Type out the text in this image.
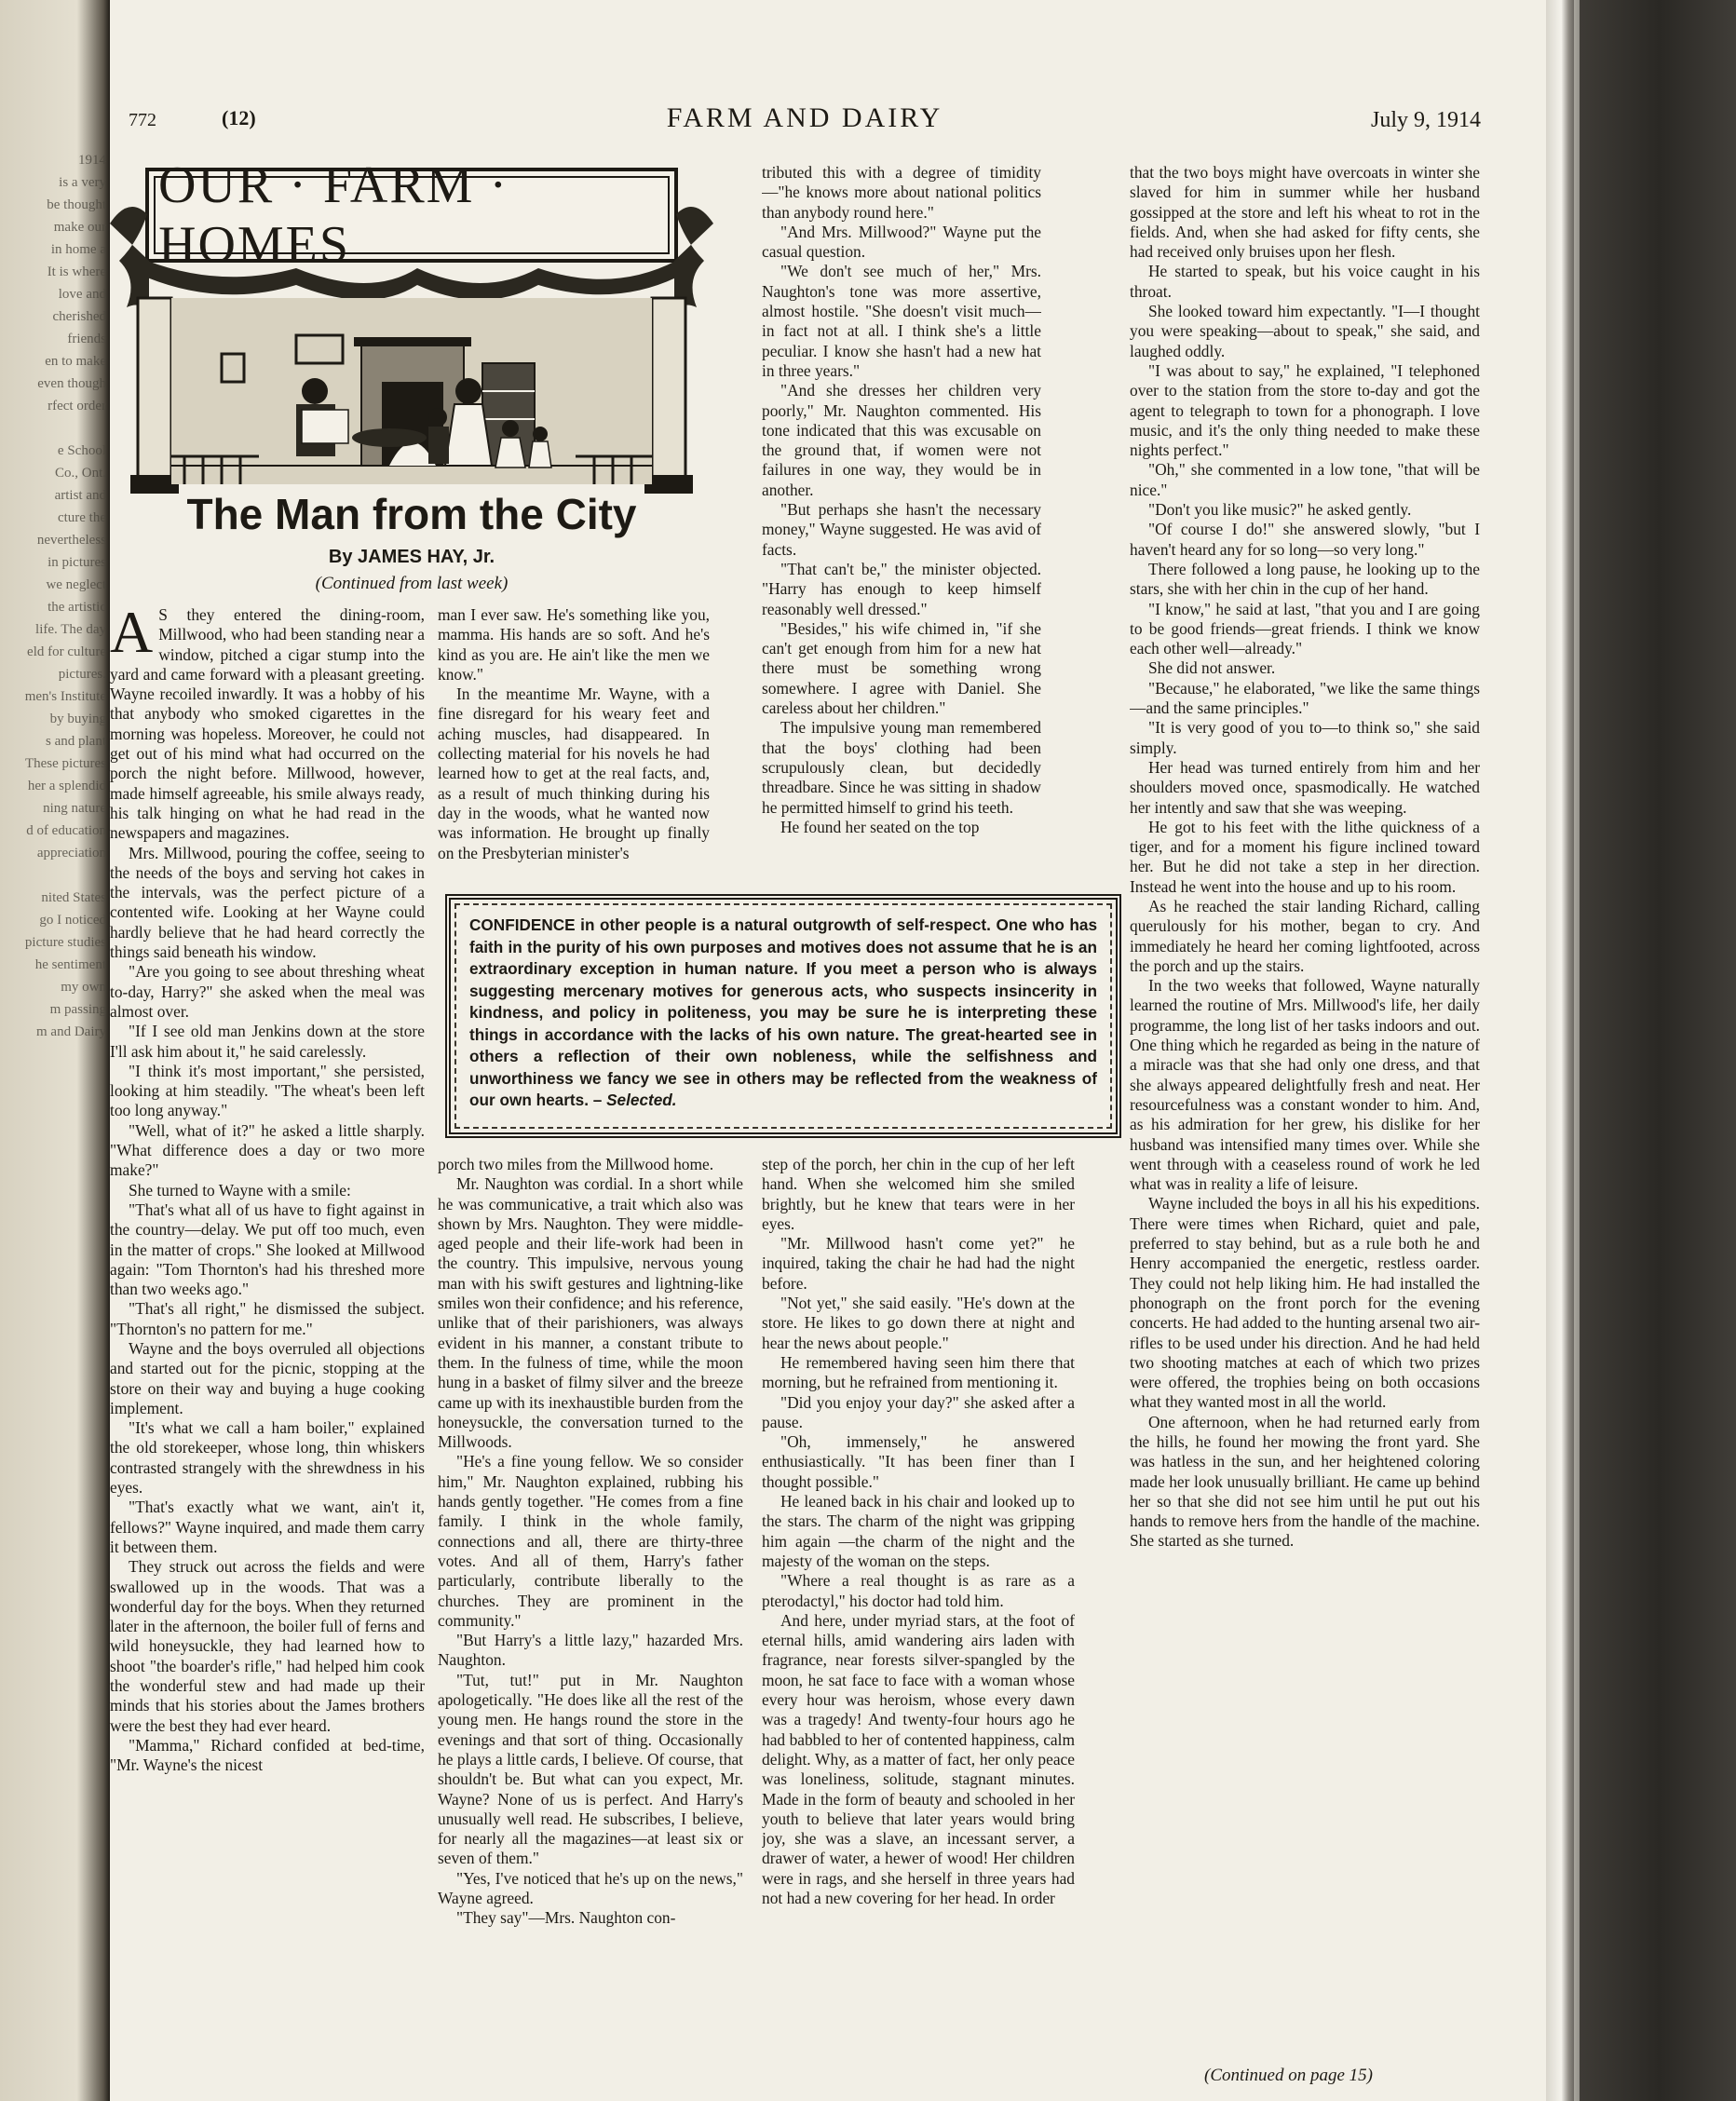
1914
is a very
be thought
make our
in home a
It is where
love and
cherished
friends
en to make
even though
rfect order

e School
Co., Ont.
artist and
cture the
nevertheless
in pictures
we neglect
the artistic
life. The day
eld for culture
pictures.
men's Institute
by buying
s and plant
These pictures
her a splendid
ning nature
d of education
appreciation

nited States
go I noticed
picture studies
he sentiment
my own
m passing
m and Dairy
772	(12)	FARM AND DAIRY	July 9, 1914
OUR · FARM · HOMES
The Man from the City
By JAMES HAY, Jr.
(Continued from last week)

A S they entered the dining-room, Millwood, who had been standing near a window, pitched a cigar stump into the yard and came forward with a pleasant greeting. Wayne recoiled inwardly. It was a hobby of his that anybody who smoked cigarettes in the morning was hopeless. Moreover, he could not get out of his mind what had occurred on the porch the night before. Millwood, however, made himself agreeable, his smile always ready, his talk hinging on what he had read in the newspapers and magazines.

Mrs. Millwood, pouring the coffee, seeing to the needs of the boys and serving hot cakes in the intervals, was the perfect picture of a contented wife. Looking at her Wayne could hardly believe that he had heard correctly the things said beneath his window.

"Are you going to see about threshing wheat to-day, Harry?" she asked when the meal was almost over.

"If I see old man Jenkins down at the store I'll ask him about it," he said carelessly.

"I think it's most important," she persisted, looking at him steadily. "The wheat's been left too long anyway."

"Well, what of it?" he asked a little sharply. "What difference does a day or two more make?"

She turned to Wayne with a smile:

"That's what all of us have to fight against in the country—delay. We put off too much, even in the matter of crops." She looked at Millwood again: "Tom Thornton's had his threshed more than two weeks ago."

"That's all right," he dismissed the subject. "Thornton's no pattern for me."

Wayne and the boys overruled all objections and started out for the picnic, stopping at the store on their way and buying a huge cooking implement.

"It's what we call a ham boiler," explained the old storekeeper, whose long, thin whiskers contrasted strangely with the shrewdness in his eyes.

"That's exactly what we want, ain't it, fellows?" Wayne inquired, and made them carry it between them.

They struck out across the fields and were swallowed up in the woods. That was a wonderful day for the boys. When they returned later in the afternoon, the boiler full of ferns and wild honeysuckle, they had learned how to shoot "the boarder's rifle," had helped him cook the wonderful stew and had made up their minds that his stories about the James brothers were the best they had ever heard.

"Mamma," Richard confided at bed-time, "Mr. Wayne's the nicest

man I ever saw. He's something like you, mamma. His hands are so soft. And he's kind as you are. He ain't like the men we know."

In the meantime Mr. Wayne, with a fine disregard for his weary feet and aching muscles, had disappeared. In collecting material for his novels he had learned how to get at the real facts, and, as a result of much thinking during his day in the woods, what he wanted now was information. He brought up finally on the Presbyterian minister's

tributed this with a degree of timidity—"he knows more about national politics than anybody round here."

"And Mrs. Millwood?" Wayne put the casual question.

"We don't see much of her," Mrs. Naughton's tone was more assertive, almost hostile. "She doesn't visit much—in fact not at all. I think she's a little peculiar. I know she hasn't had a new hat in three years."

"And she dresses her children very poorly," Mr. Naughton commented. His tone indicated that this was excusable on the ground that, if women were not failures in one way, they would be in another.

"But perhaps she hasn't the necessary money," Wayne suggested. He was avid of facts.

"That can't be," the minister objected. "Harry has enough to keep himself reasonably well dressed."

"Besides," his wife chimed in, "if she can't get enough from him for a new hat there must be something wrong somewhere. I agree with Daniel. She careless about her children."

The impulsive young man remembered that the boys' clothing had been scrupulously clean, but decidedly threadbare. Since he was sitting in shadow he permitted himself to grind his teeth.

He found her seated on the top

CONFIDENCE in other people is a natural outgrowth of self-respect. One who has faith in the purity of his own purposes and motives does not assume that he is an extraordinary exception in human nature. If you meet a person who is always suggesting mercenary motives for generous acts, who suspects insincerity in kindness, and policy in politeness, you may be sure he is interpreting these things in accordance with the lacks of his own nature. The great-hearted see in others a reflection of their own nobleness, while the selfishness and unworthiness we fancy we see in others may be reflected from the weakness of our own hearts. – Selected.

porch two miles from the Millwood home.

Mr. Naughton was cordial. In a short while he was communicative, a trait which also was shown by Mrs. Naughton. They were middle-aged people and their life-work had been in the country. This impulsive, nervous young man with his swift gestures and lightning-like smiles won their confidence; and his reference, unlike that of their parishioners, was always evident in his manner, a constant tribute to them. In the fulness of time, while the moon hung in a basket of filmy silver and the breeze came up with its inexhaustible burden from the honeysuckle, the conversation turned to the Millwoods.

"He's a fine young fellow. We so consider him," Mr. Naughton explained, rubbing his hands gently together. "He comes from a fine family. I think in the whole family, connections and all, there are thirty-three votes. And all of them, Harry's father particularly, contribute liberally to the churches. They are prominent in the community."

"But Harry's a little lazy," hazarded Mrs. Naughton.

"Tut, tut!" put in Mr. Naughton apologetically. "He does like all the rest of the young men. He hangs round the store in the evenings and that sort of thing. Occasionally he plays a little cards, I believe. Of course, that shouldn't be. But what can you expect, Mr. Wayne? None of us is perfect. And Harry's unusually well read. He subscribes, I believe, for nearly all the magazines—at least six or seven of them."

"Yes, I've noticed that he's up on the news," Wayne agreed.

"They say"—Mrs. Naughton con-

step of the porch, her chin in the cup of her left hand. When she welcomed him she smiled brightly, but he knew that tears were in her eyes.

"Mr. Millwood hasn't come yet?" he inquired, taking the chair he had had the night before.

"Not yet," she said easily. "He's down at the store. He likes to go down there at night and hear the news about people."

He remembered having seen him there that morning, but he refrained from mentioning it.

"Did you enjoy your day?" she asked after a pause.

"Oh, immensely," he answered enthusiastically. "It has been finer than I thought possible."

He leaned back in his chair and looked up to the stars. The charm of the night was gripping him again —the charm of the night and the majesty of the woman on the steps.

"Where a real thought is as rare as a pterodactyl," his doctor had told him.

And here, under myriad stars, at the foot of eternal hills, amid wandering airs laden with fragrance, near forests silver-spangled by the moon, he sat face to face with a woman whose every hour was heroism, whose every dawn was a tragedy! And twenty-four hours ago he had babbled to her of contented happiness, calm delight. Why, as a matter of fact, her only peace was loneliness, solitude, stagnant minutes. Made in the form of beauty and schooled in her youth to believe that later years would bring joy, she was a slave, an incessant server, a drawer of water, a hewer of wood! Her children were in rags, and she herself in three years had not had a new covering for her head. In order

that the two boys might have overcoats in winter she slaved for him in summer while her husband gossipped at the store and left his wheat to rot in the fields. And, when she had asked for fifty cents, she had received only bruises upon her flesh.

He started to speak, but his voice caught in his throat.

She looked toward him expectantly. "I—I thought you were speaking—about to speak," she said, and laughed oddly.

"I was about to say," he explained, "I telephoned over to the station from the store to-day and got the agent to telegraph to town for a phonograph. I love music, and it's the only thing needed to make these nights perfect."

"Oh," she commented in a low tone, "that will be nice."

"Don't you like music?" he asked gently.

"Of course I do!" she answered slowly, "but I haven't heard any for so long—so very long."

There followed a long pause, he looking up to the stars, she with her chin in the cup of her hand.

"I know," he said at last, "that you and I are going to be good friends—great friends. I think we know each other well—already."

She did not answer.

"Because," he elaborated, "we like the same things—and the same principles."

"It is very good of you to—to think so," she said simply.

Her head was turned entirely from him and her shoulders moved once, spasmodically. He watched her intently and saw that she was weeping.

He got to his feet with the lithe quickness of a tiger, and for a moment his figure inclined toward her. But he did not take a step in her direction. Instead he went into the house and up to his room.

As he reached the stair landing Richard, calling querulously for his mother, began to cry. And immediately he heard her coming lightfooted, across the porch and up the stairs.

In the two weeks that followed, Wayne naturally learned the routine of Mrs. Millwood's life, her daily programme, the long list of her tasks indoors and out. One thing which he regarded as being in the nature of a miracle was that she had only one dress, and that she always appeared delightfully fresh and neat. Her resourcefulness was a constant wonder to him. And, as his admiration for her grew, his dislike for her husband was intensified many times over. While she went through with a ceaseless round of work he led what was in reality a life of leisure.

Wayne included the boys in all his his expeditions. There were times when Richard, quiet and pale, preferred to stay behind, but as a rule both he and Henry accompanied the energetic, restless oarder. They could not help liking him. He had installed the phonograph on the front porch for the evening concerts. He had added to the hunting arsenal two air-rifles to be used under his direction. And he had held two shooting matches at each of which two prizes were offered, the trophies being on both occasions what they wanted most in all the world.

One afternoon, when he had returned early from the hills, he found her mowing the front yard. She was hatless in the sun, and her heightened coloring made her look unusually brilliant. He came up behind her so that she did not see him until he put out his hands to remove hers from the handle of the machine. She started as she turned.

(Continued on page 15)
